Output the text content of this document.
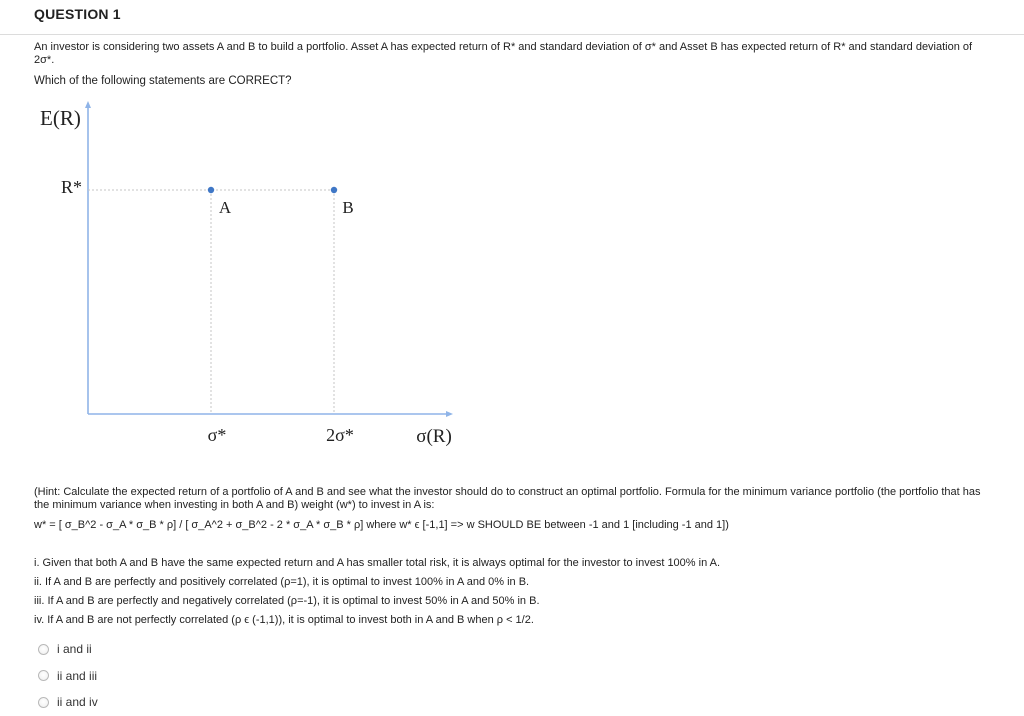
QUESTION 1
An investor is considering two assets A and B to build a portfolio. Asset A has expected return of R* and standard deviation of σ* and Asset B has expected return of R* and standard deviation of 2σ*.
Which of the following statements are CORRECT?
A	B
σ*	2σ*
R*
E(R)
σ(R)
(Hint: Calculate the expected return of a portfolio of A and B and see what the investor should do to construct an optimal portfolio. Formula for the minimum variance portfolio (the portfolio that has the minimum variance when investing in both A and B) weight (w*) to invest in A is:
w* = [ σ_B^2 - σ_A * σ_B * ρ] / [ σ_A^2 + σ_B^2 - 2 * σ_A * σ_B * ρ] where w* ϵ [-1,1] => w SHOULD BE between -1 and 1 [including -1 and 1])
i. Given that both A and B have the same expected return and A has smaller total risk, it is always optimal for the investor to invest 100% in A.
ii. If A and B are perfectly and positively correlated (ρ=1), it is optimal to invest 100% in A and 0% in B.
iii. If A and B are perfectly and negatively correlated (ρ=-1), it is optimal to invest 50% in A and 50% in B.
iv. If A and B are not perfectly correlated (ρ ϵ (-1,1)), it is optimal to invest both in A and B when ρ < 1/2.
i and ii
ii and iii
ii and iv
